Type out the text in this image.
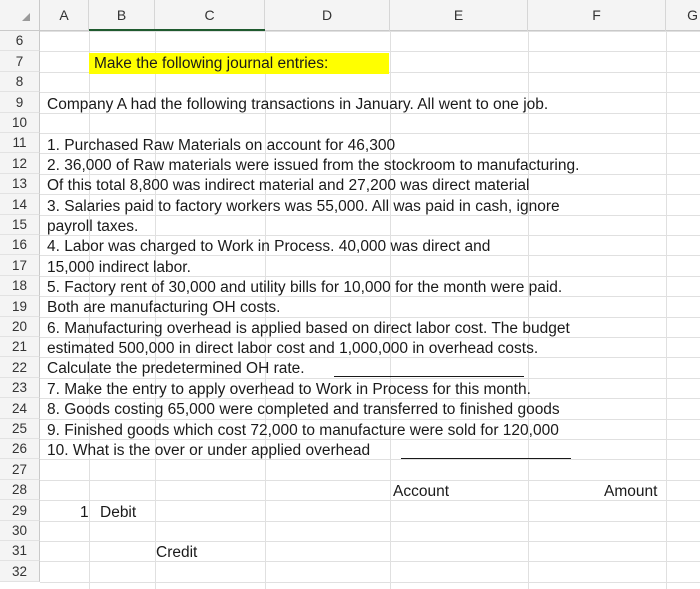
A	B	C	D	E	F	G
6
7
8
9
10
11
12
13
14
15
16
17
18
19
20
21
22
23
24
25
26
27
28
29
30
31
32
Make the following journal entries:
Company A had the following transactions in January. All went to one job.
1. Purchased Raw Materials on account for 46,300
2. 36,000 of Raw materials were issued from the stockroom to manufacturing.
Of this total 8,800 was indirect material and 27,200 was direct material
3. Salaries paid to factory workers was 55,000. All was paid in cash, ignore
payroll taxes.
4. Labor was charged to Work in Process. 40,000 was direct and
15,000 indirect labor.
5. Factory rent of 30,000 and utility bills for 10,000 for the month were paid.
Both are manufacturing OH costs.
6. Manufacturing overhead is applied based on direct labor cost. The budget
estimated 500,000 in direct labor cost and 1,000,000 in overhead costs.
Calculate the predetermined OH rate.
7. Make the entry to apply overhead to Work in Process for this month.
8. Goods costing 65,000 were completed and transferred to finished goods
9. Finished goods which cost 72,000 to manufacture were sold for 120,000
10. What is the over or under applied overhead
Account	Amount
1 Debit
Credit
